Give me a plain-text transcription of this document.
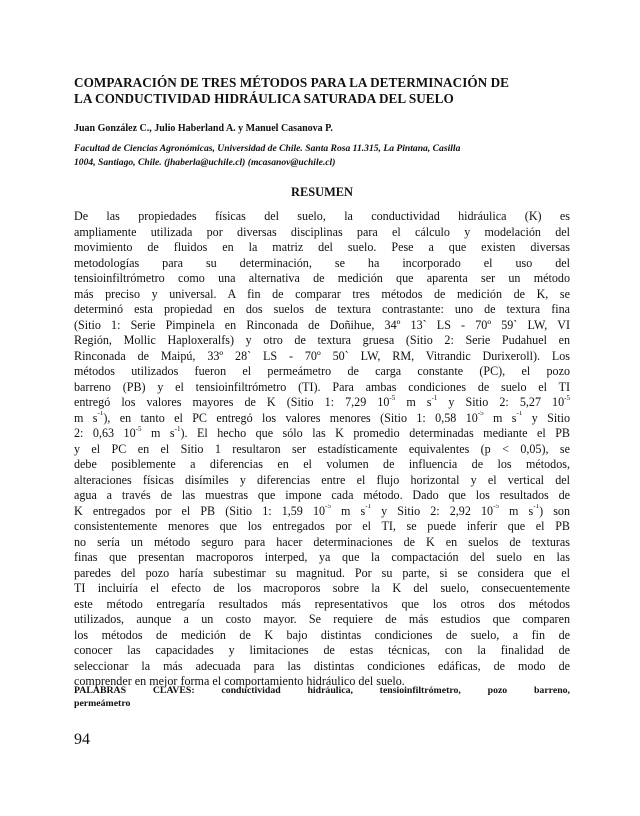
COMPARACIÓN DE TRES MÉTODOS PARA LA DETERMINACIÓN DE
LA CONDUCTIVIDAD HIDRÁULICA SATURADA DEL SUELO

Juan González C., Julio Haberland A. y Manuel Casanova P.

Facultad de Ciencias Agronómicas, Universidad de Chile. Santa Rosa 11.315, La Pintana, Casilla
1004, Santiago, Chile. (jhaberla@uchile.cl) (mcasanov@uchile.cl)

RESUMEN
De las propiedades físicas del suelo, la conductividad hidráulica (K) es
ampliamente utilizada por diversas disciplinas para el cálculo y modelación del
movimiento de fluidos en la matriz del suelo. Pese a que existen diversas
metodologías para su determinación, se ha incorporado el uso del
tensioinfiltrómetro como una alternativa de medición que aparenta ser un método
más preciso y universal. A fin de comparar tres métodos de medición de K, se
determinó esta propiedad en dos suelos de textura contrastante: uno de textura fina
(Sitio 1: Serie Pimpinela en Rinconada de Doñihue, 34º 13` LS - 70º 59` LW, VI
Región, Mollic Haploxeralfs) y otro de textura gruesa (Sitio 2: Serie Pudahuel en
Rinconada de Maipú, 33º 28` LS - 70º 50` LW, RM, Vitrandic Durixeroll). Los
métodos utilizados fueron el permeámetro de carga constante (PC), el pozo
barreno (PB) y el tensioinfiltrómetro (TI). Para ambas condiciones de suelo el TI
entregó los valores mayores de K (Sitio 1: 7,29 $10^{-5}$ m $s^{-1}$ y Sitio 2: 5,27 $10^{-5}$
m $s^{-1}$), en tanto el PC entregó los valores menores (Sitio 1: 0,58 $10^{-5}$ m $s^{-1}$ y Sitio
2: 0,63 $10^{-5}$ m $s^{-1}$). El hecho que sólo las K promedio determinadas mediante el PB
y el PC en el Sitio 1 resultaron ser estadísticamente equivalentes (p < 0,05), se
debe posiblemente a diferencias en el volumen de influencia de los métodos,
alteraciones físicas disímiles y diferencias entre el flujo horizontal y el vertical del
agua a través de las muestras que impone cada método. Dado que los resultados de
K entregados por el PB (Sitio 1: 1,59 $10^{-5}$ m $s^{-1}$ y Sitio 2: 2,92 $10^{-5}$ m $s^{-1}$) son
consistentemente menores que los entregados por el TI, se puede inferir que el PB
no sería un método seguro para hacer determinaciones de K en suelos de texturas
finas que presentan macroporos interped, ya que la compactación del suelo en las
paredes del pozo haría subestimar su magnitud. Por su parte, si se considera que el
TI incluiría el efecto de los macroporos sobre la K del suelo, consecuentemente
este método entregaría resultados más representativos que los otros dos métodos
utilizados, aunque a un costo mayor. Se requiere de más estudios que comparen
los métodos de medición de K bajo distintas condiciones de suelo, a fin de
conocer las capacidades y limitaciones de estas técnicas, con la finalidad de
seleccionar la más adecuada para las distintas condiciones edáficas, de modo de
comprender en mejor forma el comportamiento hidráulico del suelo.
PALABRAS CLAVES: conductividad hidráulica, tensioinfiltrómetro, pozo barreno,
permeámetro

94
